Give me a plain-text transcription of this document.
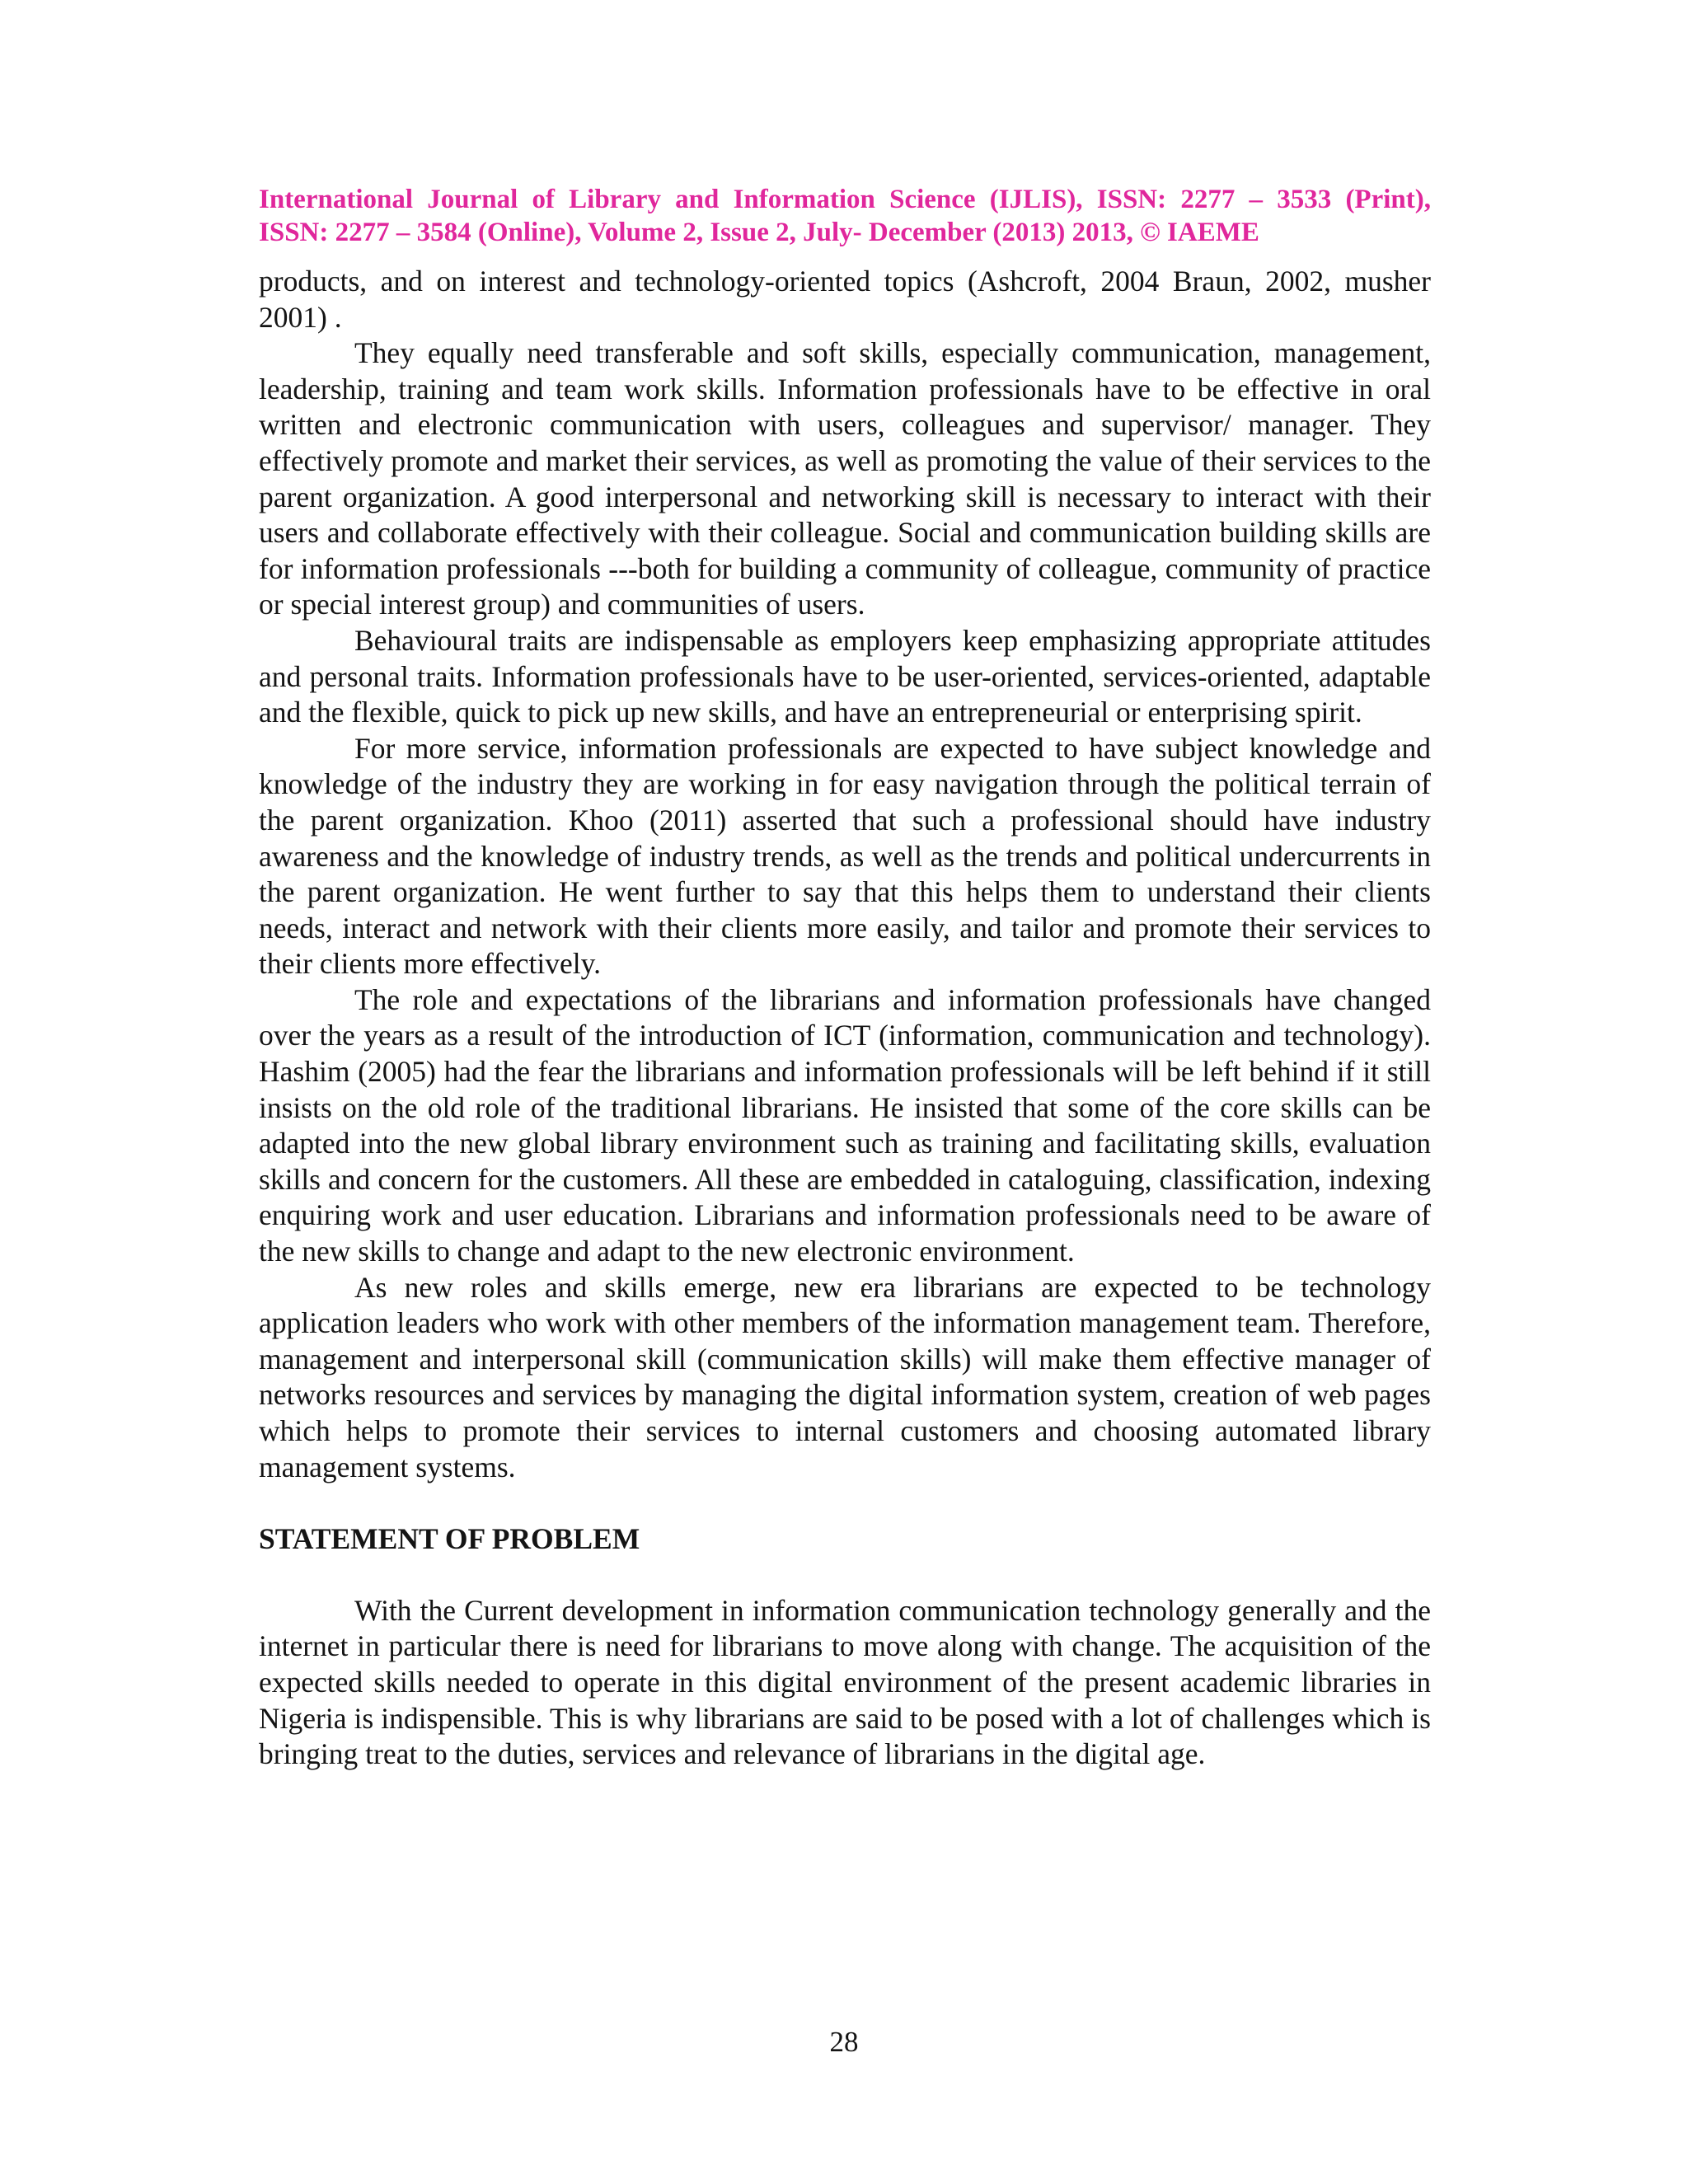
International Journal of Library and Information Science (IJLIS), ISSN: 2277 – 3533 (Print),
ISSN: 2277 – 3584 (Online), Volume 2, Issue 2, July- December (2013) 2013, © IAEME

products, and on interest and technology-oriented topics (Ashcroft, 2004 Braun, 2002, musher 2001) .

They equally need transferable and soft skills, especially communication, management, leadership, training and team work skills. Information professionals have to be effective in oral written and electronic communication with users, colleagues and supervisor/ manager. They effectively promote and market their services, as well as promoting the value of their services to the parent organization. A good interpersonal and networking skill is necessary to interact with their users and collaborate effectively with their colleague. Social and communication building skills are for information professionals ---both for building a community of colleague, community of practice or special interest group) and communities of users.

Behavioural traits are indispensable as employers keep emphasizing appropriate attitudes and personal traits. Information professionals have to be user-oriented, services-oriented, adaptable and the flexible, quick to pick up new skills, and have an entrepreneurial or enterprising spirit.

For more service, information professionals are expected to have subject knowledge and knowledge of the industry they are working in for easy navigation through the political terrain of the parent organization. Khoo (2011) asserted that such a professional should have industry awareness and the knowledge of industry trends, as well as the trends and political undercurrents in the parent organization. He went further to say that this helps them to understand their clients needs, interact and network with their clients more easily, and tailor and promote their services to their clients more effectively.

The role and expectations of the librarians and information professionals have changed over the years as a result of the introduction of ICT (information, communication and technology). Hashim (2005) had the fear the librarians and information professionals will be left behind if it still insists on the old role of the traditional librarians. He insisted that some of the core skills can be adapted into the new global library environment such as training and facilitating skills, evaluation skills and concern for the customers. All these are embedded in cataloguing, classification, indexing enquiring work and user education. Librarians and information professionals need to be aware of the new skills to change and adapt to the new electronic environment.

As new roles and skills emerge, new era librarians are expected to be technology application leaders who work with other members of the information management team. Therefore, management and interpersonal skill (communication skills) will make them effective manager of networks resources and services by managing the digital information system, creation of web pages which helps to promote their services to internal customers and choosing automated library management systems.

STATEMENT OF PROBLEM

With the Current development in information communication technology generally and the internet in particular there is need for librarians to move along with change. The acquisition of the expected skills needed to operate in this digital environment of the present academic libraries in Nigeria is indispensible. This is why librarians are said to be posed with a lot of challenges which is bringing treat to the duties, services and relevance of librarians in the digital age.

28
